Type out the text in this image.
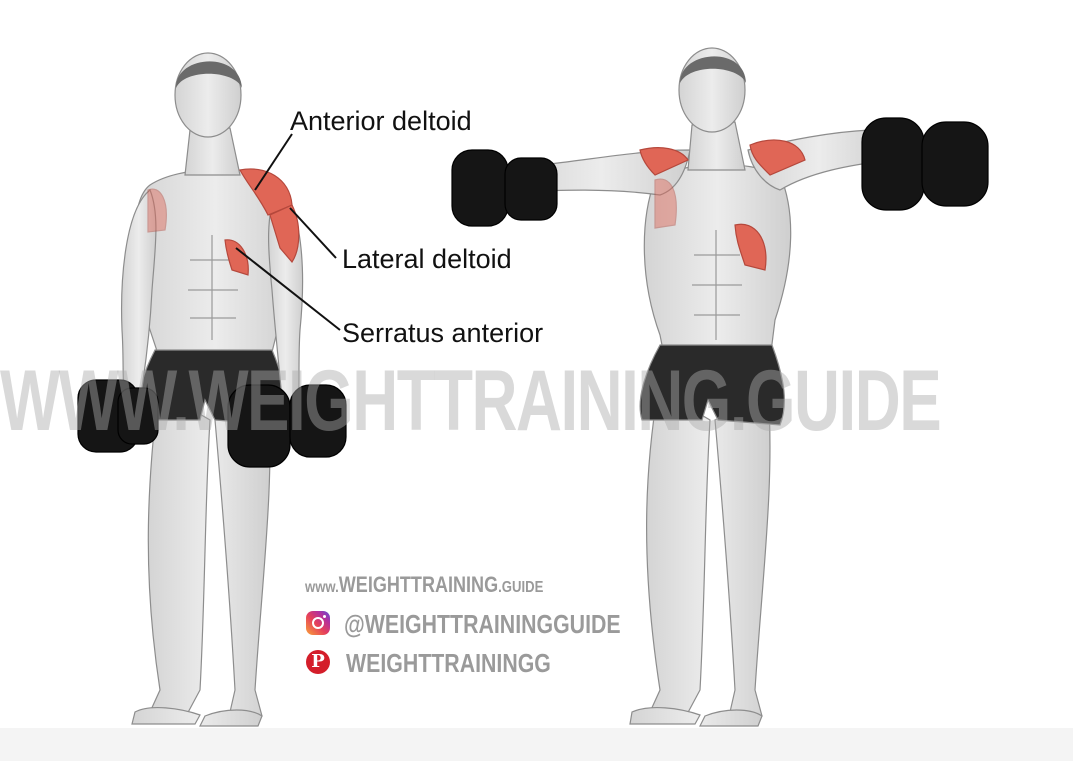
WWW.WEIGHTTRAINING.GUIDE
Anterior deltoid
Lateral deltoid
Serratus anterior
www.WEIGHTTRAINING.GUIDE
@WEIGHTTRAININGGUIDE
P WEIGHTTRAININGG
